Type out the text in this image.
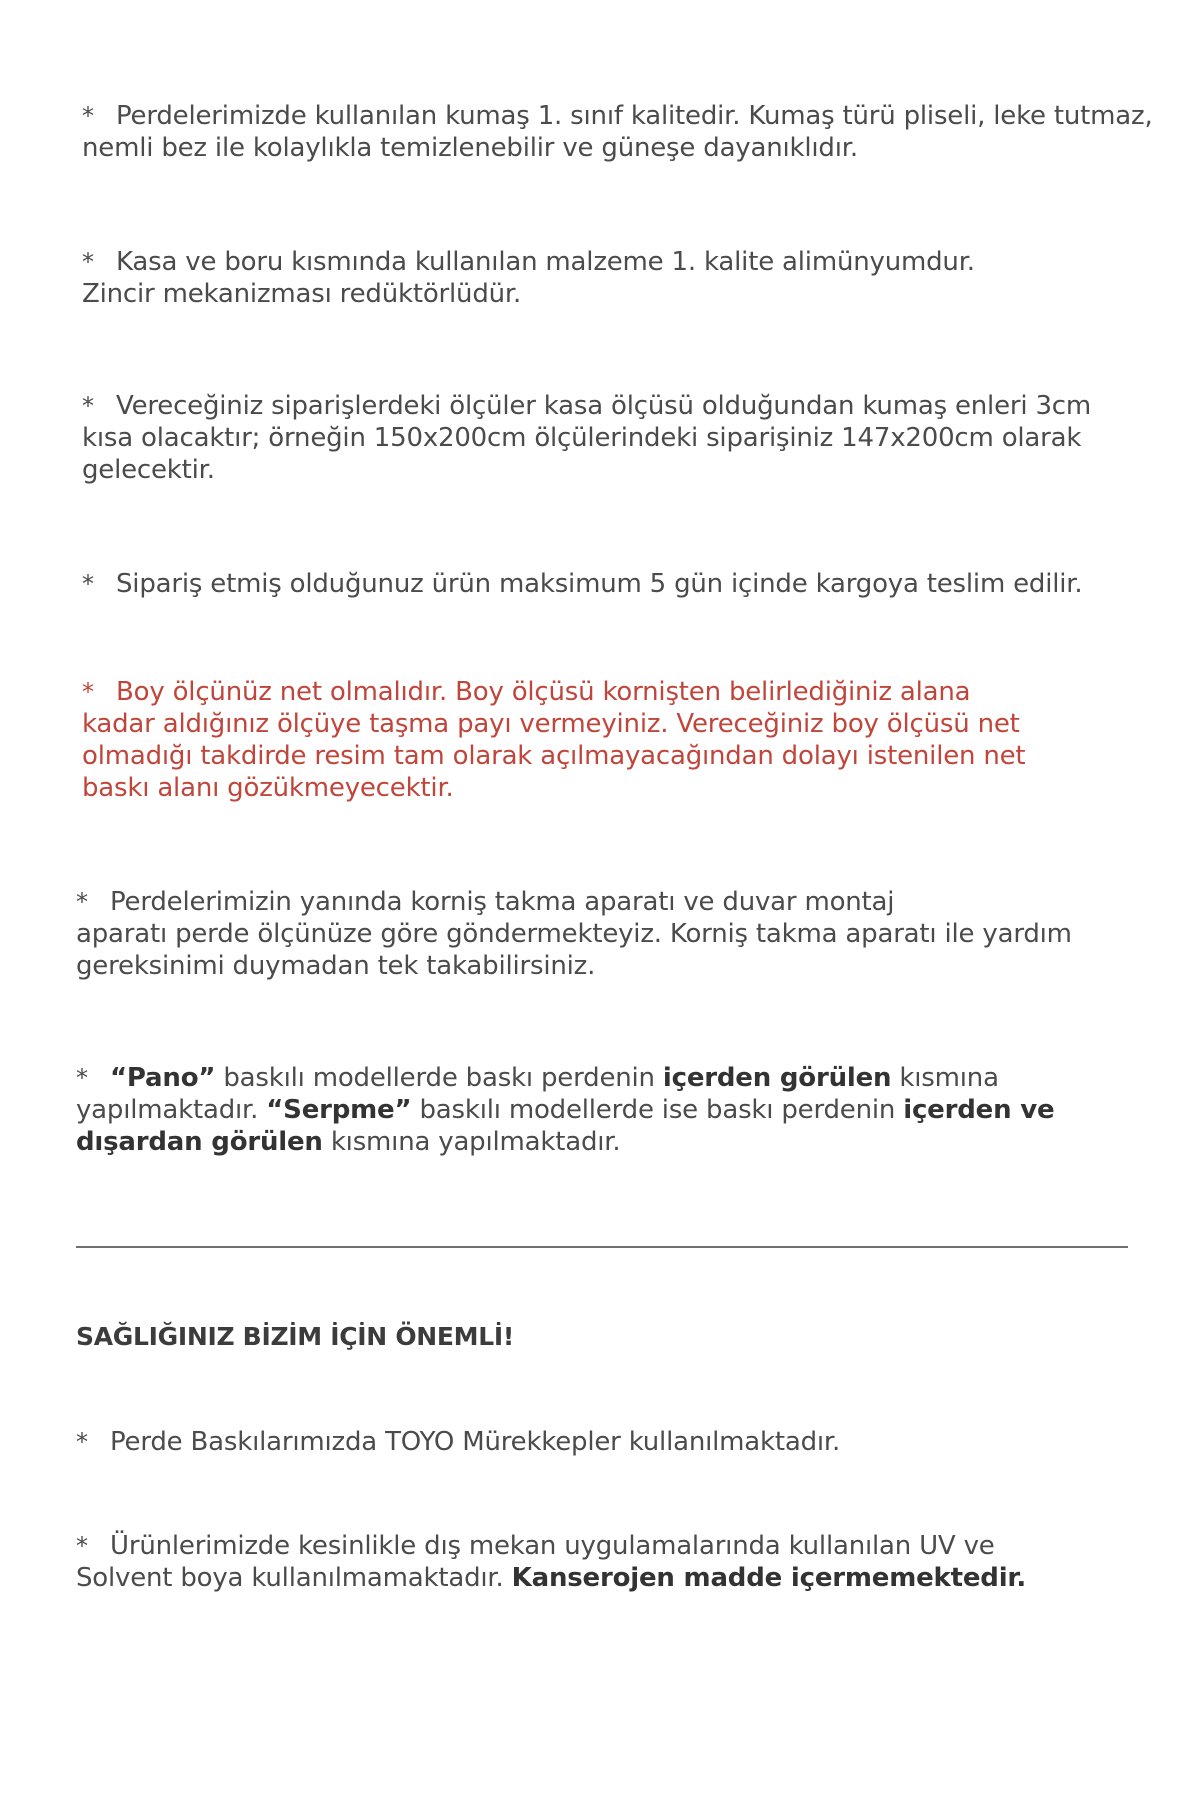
* Perdelerimizde kullanılan kumaş 1. sınıf kalitedir. Kumaş türü pliseli, leke tutmaz,
nemli bez ile kolaylıkla temizlenebilir ve güneşe dayanıklıdır.

* Kasa ve boru kısmında kullanılan malzeme 1. kalite alimünyumdur.
Zincir mekanizması redüktörlüdür.

* Vereceğiniz siparişlerdeki ölçüler kasa ölçüsü olduğundan kumaş enleri 3cm
kısa olacaktır; örneğin 150x200cm ölçülerindeki siparişiniz 147x200cm olarak
gelecektir.

* Sipariş etmiş olduğunuz ürün maksimum 5 gün içinde kargoya teslim edilir.

* Boy ölçünüz net olmalıdır. Boy ölçüsü kornişten belirlediğiniz alana
kadar aldığınız ölçüye taşma payı vermeyiniz. Vereceğiniz boy ölçüsü net
olmadığı takdirde resim tam olarak açılmayacağından dolayı istenilen net
baskı alanı gözükmeyecektir.

* Perdelerimizin yanında korniş takma aparatı ve duvar montaj
aparatı perde ölçünüze göre göndermekteyiz. Korniş takma aparatı ile yardım
gereksinimi duymadan tek takabilirsiniz.

* “Pano” baskılı modellerde baskı perdenin içerden görülen kısmına
yapılmaktadır. “Serpme” baskılı modellerde ise baskı perdenin içerden ve
dışardan görülen kısmına yapılmaktadır.

SAĞLIĞINIZ BİZİM İÇİN ÖNEMLİ!

* Perde Baskılarımızda TOYO Mürekkepler kullanılmaktadır.

* Ürünlerimizde kesinlikle dış mekan uygulamalarında kullanılan UV ve
Solvent boya kullanılmamaktadır. Kanserojen madde içermemektedir.
